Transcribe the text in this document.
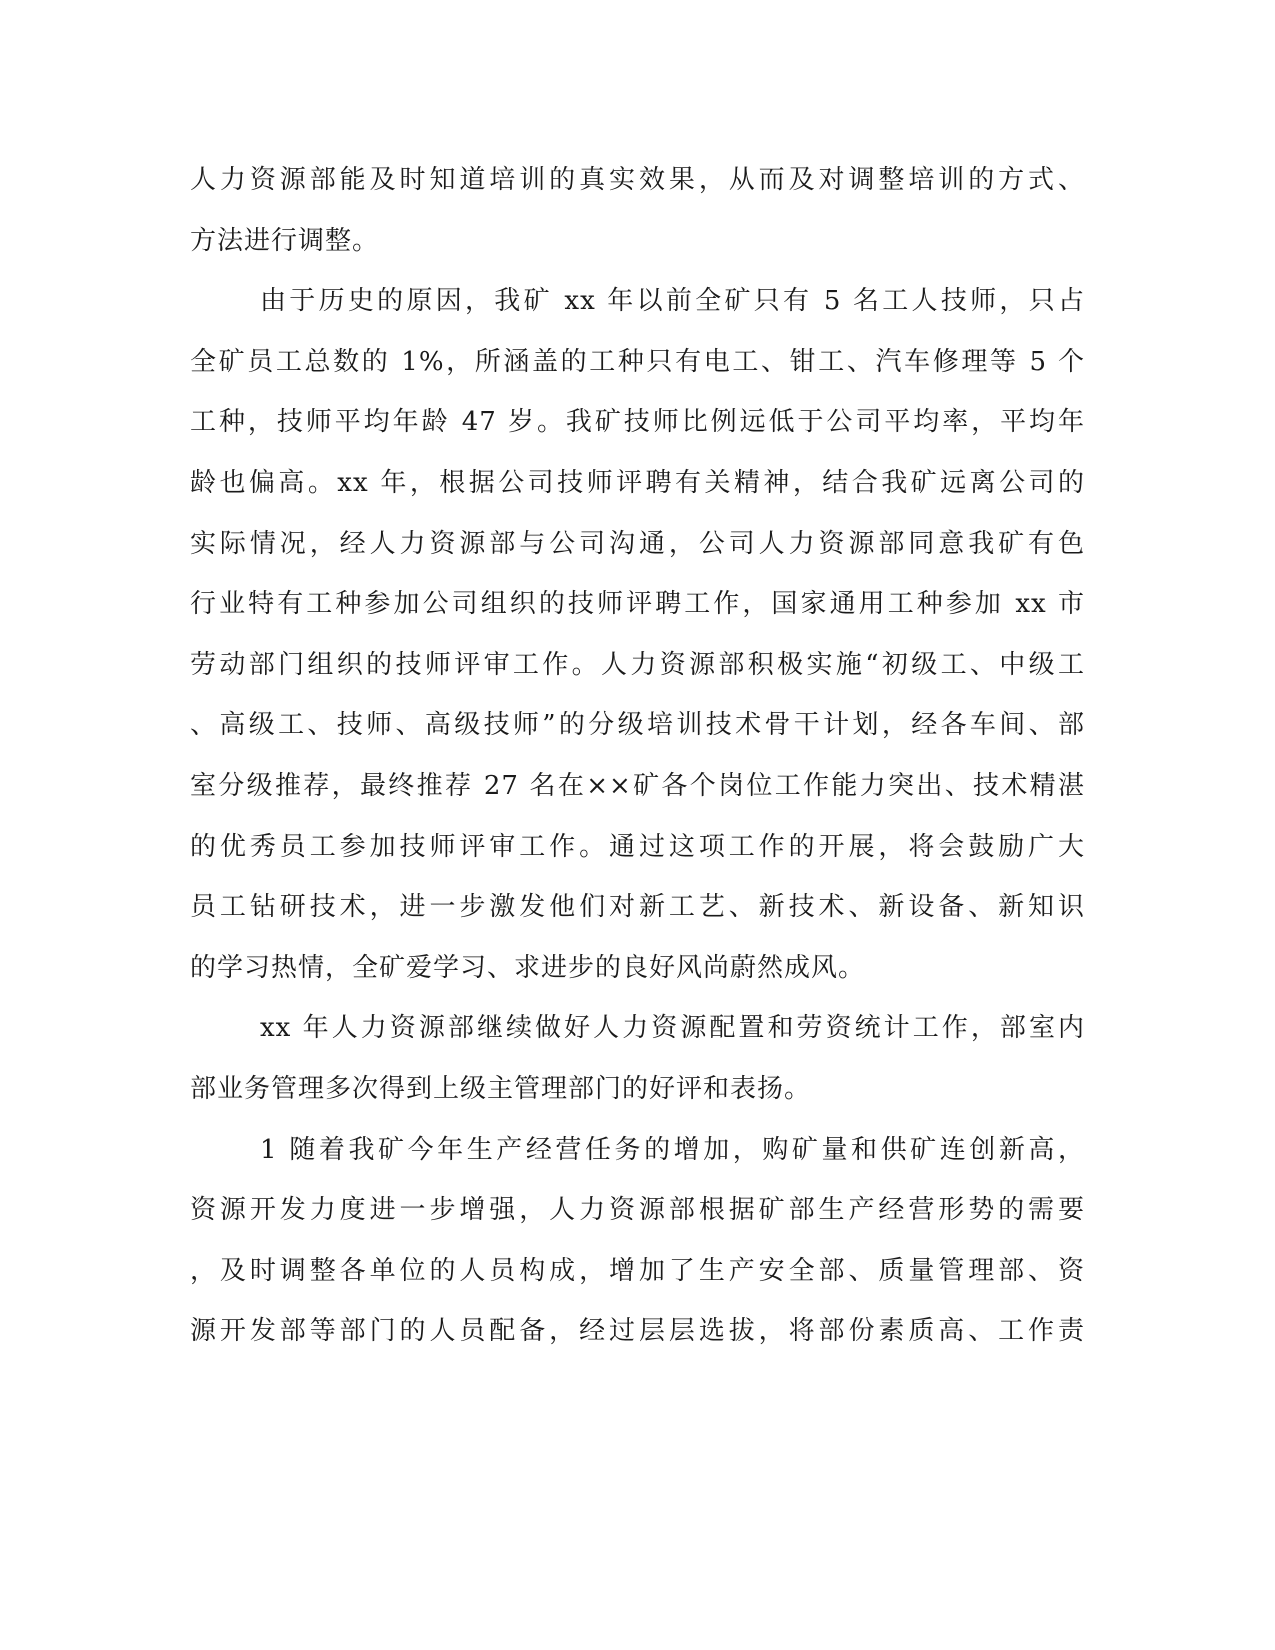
人力资源部能及时知道培训的真实效果，从而及对调整培训的方式、
方法进行调整。
由于历史的原因，我矿 xx 年以前全矿只有 5 名工人技师，只占
全矿员工总数的 1%，所涵盖的工种只有电工、钳工、汽车修理等 5 个
工种，技师平均年龄 47 岁。我矿技师比例远低于公司平均率，平均年
龄也偏高。xx 年，根据公司技师评聘有关精神，结合我矿远离公司的
实际情况，经人力资源部与公司沟通，公司人力资源部同意我矿有色
行业特有工种参加公司组织的技师评聘工作，国家通用工种参加 xx 市
劳动部门组织的技师评审工作。人力资源部积极实施“初级工、中级工
、高级工、技师、高级技师”的分级培训技术骨干计划，经各车间、部
室分级推荐，最终推荐 27 名在××矿各个岗位工作能力突出、技术精湛
的优秀员工参加技师评审工作。通过这项工作的开展，将会鼓励广大
员工钻研技术，进一步激发他们对新工艺、新技术、新设备、新知识
的学习热情，全矿爱学习、求进步的良好风尚蔚然成风。
xx 年人力资源部继续做好人力资源配置和劳资统计工作，部室内
部业务管理多次得到上级主管理部门的好评和表扬。
1 随着我矿今年生产经营任务的增加，购矿量和供矿连创新高，
资源开发力度进一步增强，人力资源部根据矿部生产经营形势的需要
，及时调整各单位的人员构成，增加了生产安全部、质量管理部、资
源开发部等部门的人员配备，经过层层选拔，将部份素质高、工作责
